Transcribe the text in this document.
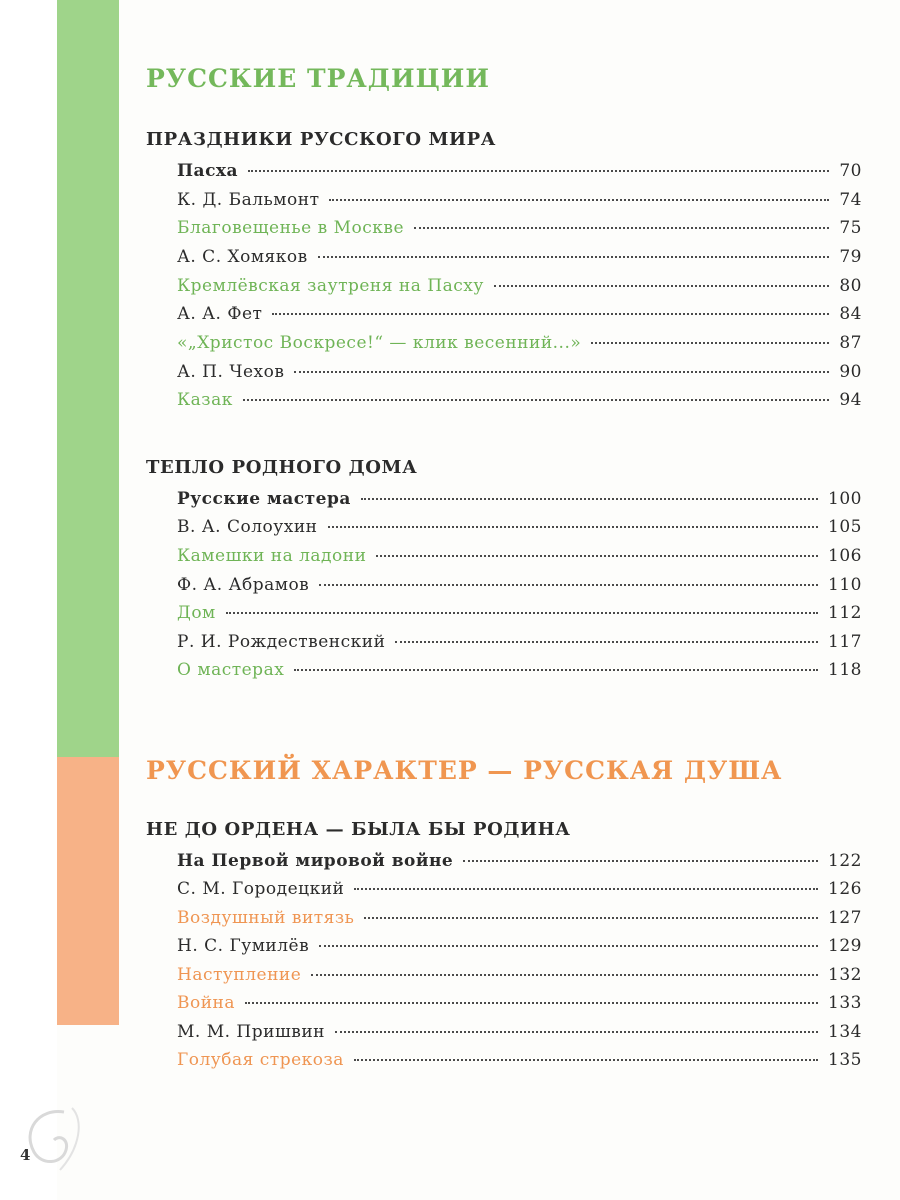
4
РУССКИЕ ТРАДИЦИИ
ПРАЗДНИКИ РУССКОГО МИРА
Пасха	70
К. Д. Бальмонт	74
Благовещенье в Москве	75
А. С. Хомяков	79
Кремлёвская заутреня на Пасху	80
А. А. Фет	84
«„Христос Воскресе!“ — клик весенний...»	87
А. П. Чехов	90
Казак	94
ТЕПЛО РОДНОГО ДОМА
Русские мастера	100
В. А. Солоухин	105
Камешки на ладони	106
Ф. А. Абрамов	110
Дом	112
Р. И. Рождественский	117
О мастерах	118
РУССКИЙ ХАРАКТЕР — РУССКАЯ ДУША
НЕ ДО ОРДЕНА — БЫЛА БЫ РОДИНА
На Первой мировой войне	122
С. М. Городецкий	126
Воздушный витязь	127
Н. С. Гумилёв	129
Наступление	132
Война	133
М. М. Пришвин	134
Голубая стрекоза	135
